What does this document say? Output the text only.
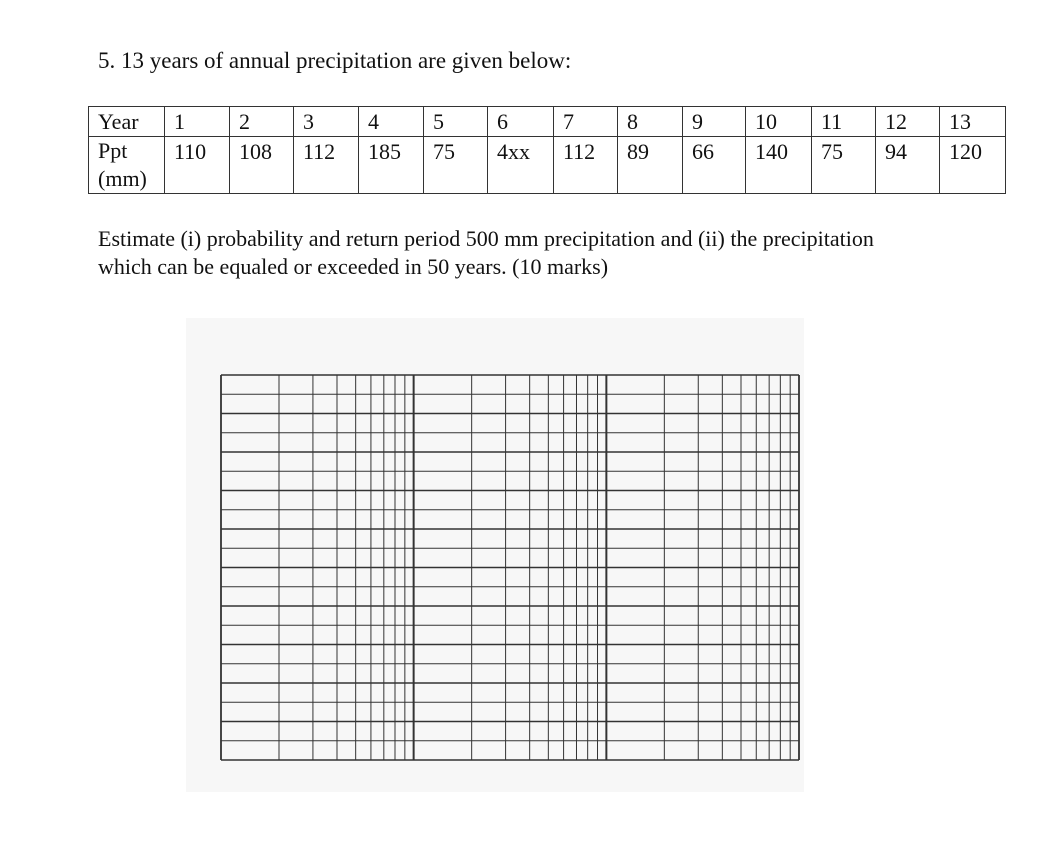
5. 13 years of annual precipitation are given below:

Year	1	2	3	4	5	6	7	8	9	10	11	12	13

Ppt
(mm)	110	108	112	185	75	4xx	112	89	66	140	75	94	120

Estimate (i) probability and return period 500 mm precipitation and (ii) the precipitation
which can be equaled or exceeded in 50 years. (10 marks)
